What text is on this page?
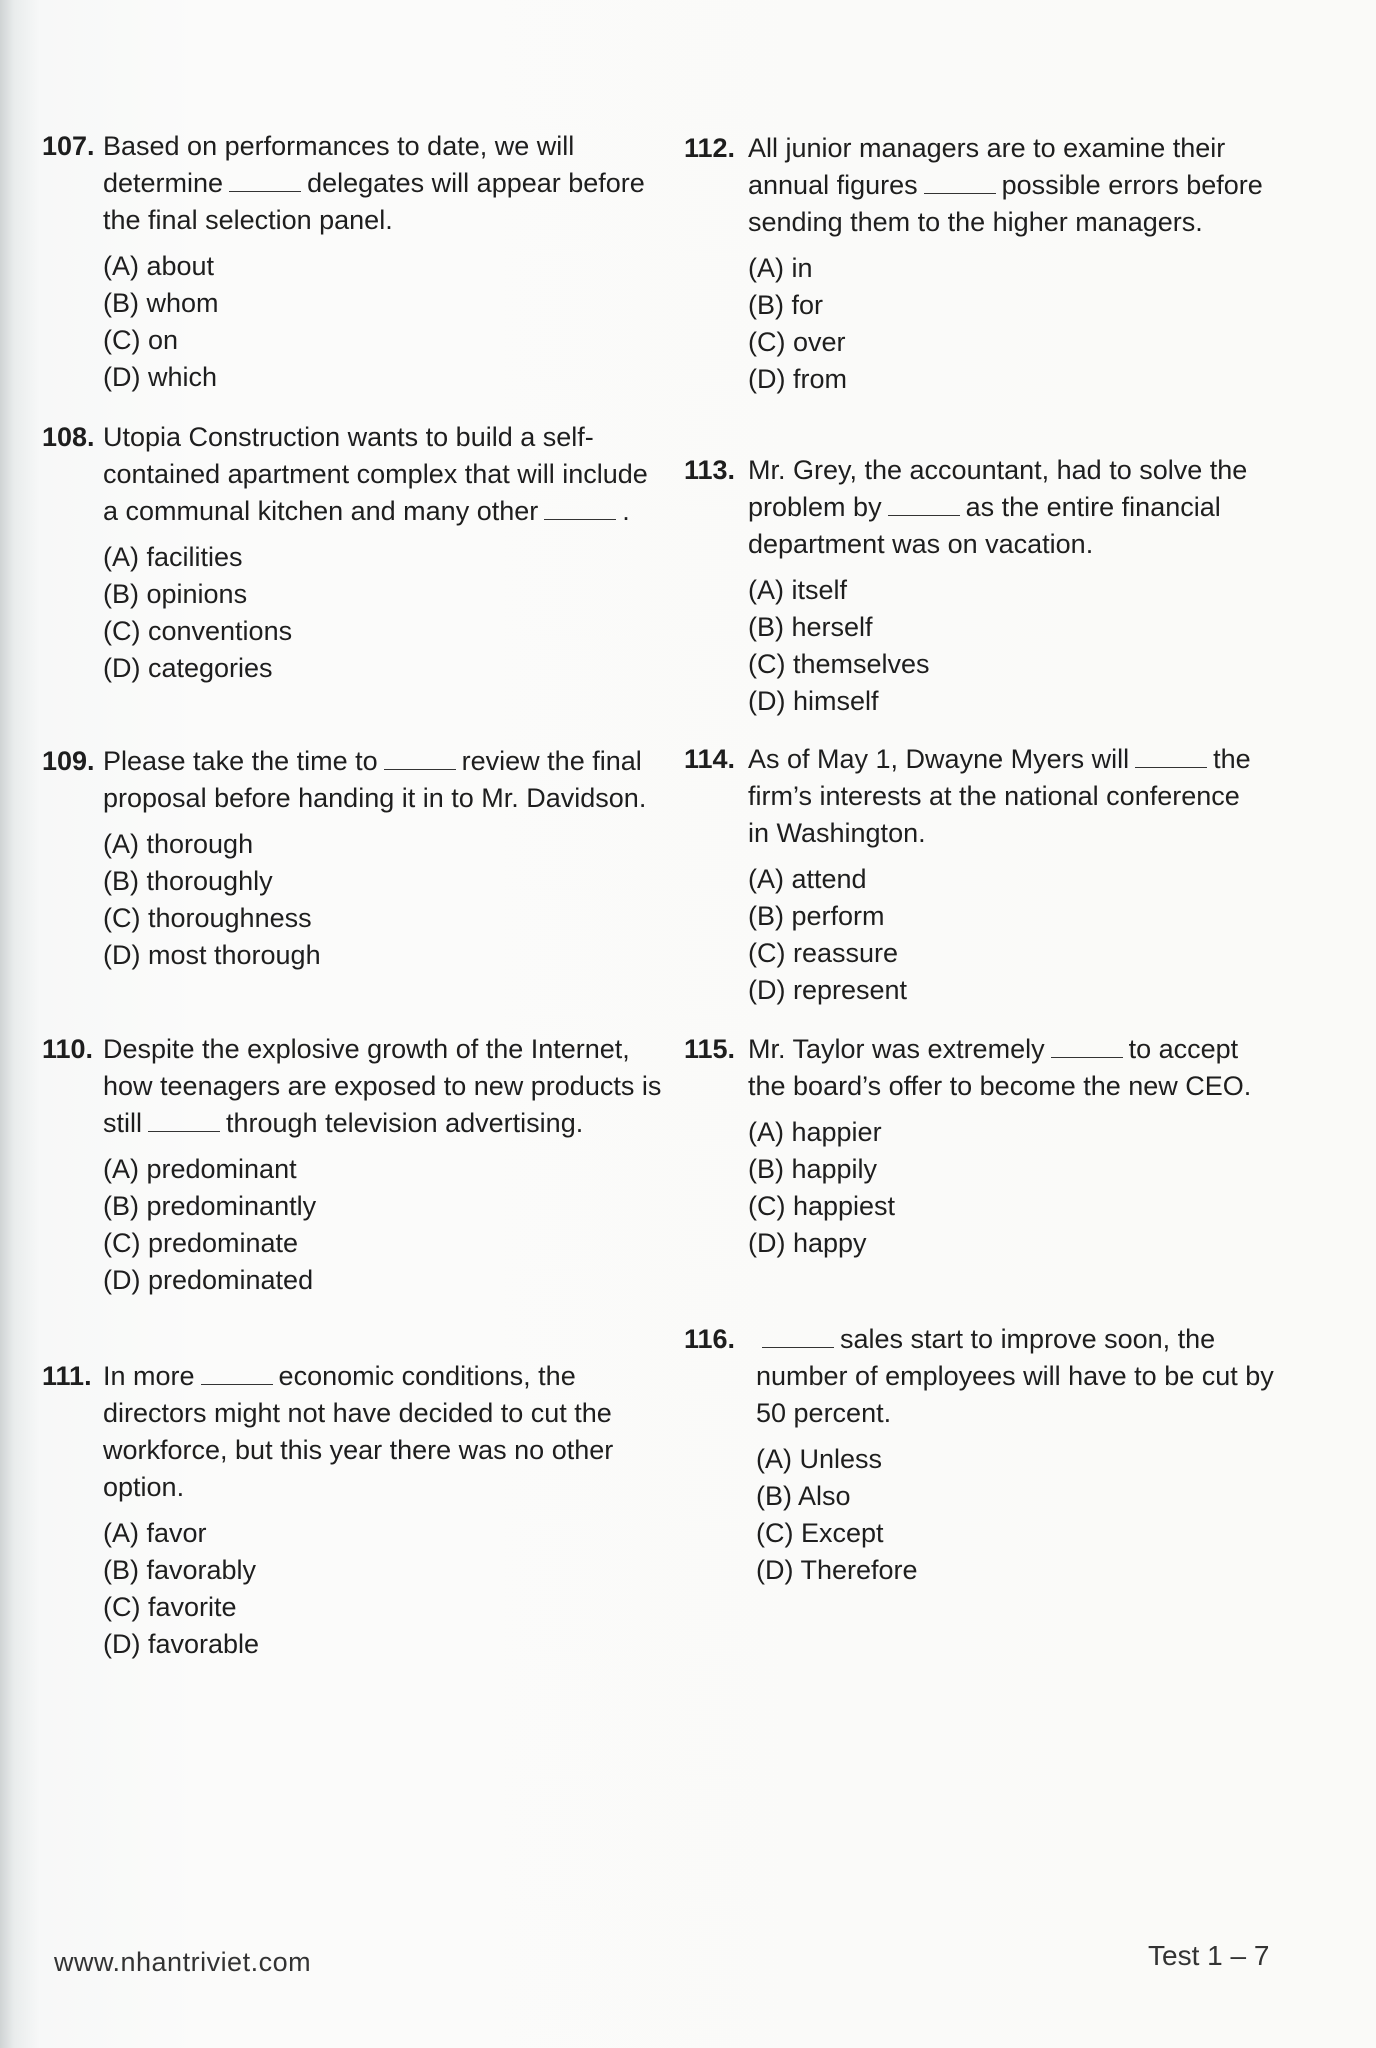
107. Based on performances to date, we will determine	delegates will appear before the final selection panel.
(A) about
(B) whom
(C) on
(D) which
108. Utopia Construction wants to build a self-contained apartment complex that will include a communal kitchen and many other	.
(A) facilities
(B) opinions
(C) conventions
(D) categories
109. Please take the time to	review the final proposal before handing it in to Mr. Davidson.
(A) thorough
(B) thoroughly
(C) thoroughness
(D) most thorough
110. Despite the explosive growth of the Internet, how teenagers are exposed to new products is still	through television advertising.
(A) predominant
(B) predominantly
(C) predominate
(D) predominated
111. In more	economic conditions, the directors might not have decided to cut the workforce, but this year there was no other option.
(A) favor
(B) favorably
(C) favorite
(D) favorable
112. All junior managers are to examine their annual figures	possible errors before sending them to the higher managers.
(A) in
(B) for
(C) over
(D) from
113. Mr. Grey, the accountant, had to solve the problem by	as the entire financial department was on vacation.
(A) itself
(B) herself
(C) themselves
(D) himself
114. As of May 1, Dwayne Myers will	the firm’s interests at the national conference in Washington.
(A) attend
(B) perform
(C) reassure
(D) represent
115. Mr. Taylor was extremely	to accept the board’s offer to become the new CEO.
(A) happier
(B) happily
(C) happiest
(D) happy
116.	sales start to improve soon, the number of employees will have to be cut by 50 percent.
(A) Unless
(B) Also
(C) Except
(D) Therefore
www.nhantriviet.com	Test 1 – 7
